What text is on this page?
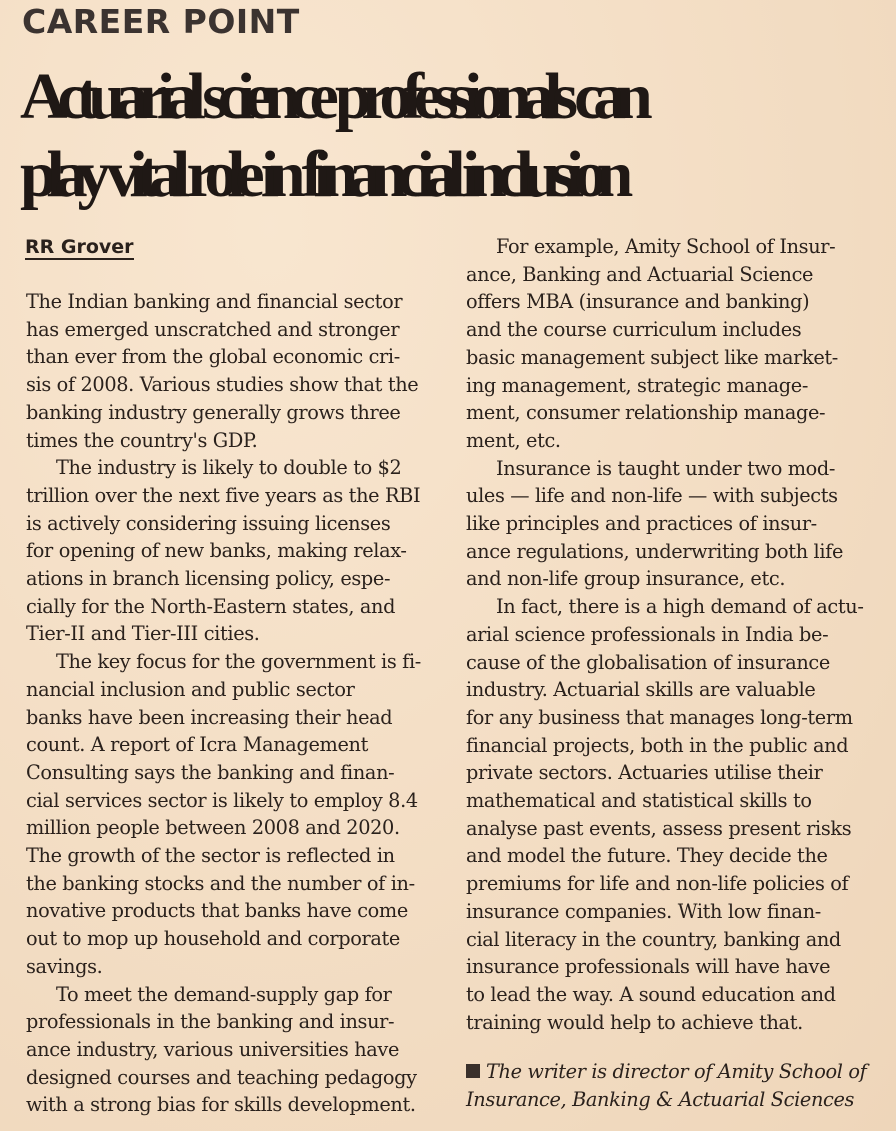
CAREER POINT
Actuarial science professionals can
play vital role in financial inclusion
RR Grover

The Indian banking and financial sector

has emerged unscratched and stronger

than ever from the global economic cri-

sis of 2008. Various studies show that the

banking industry generally grows three

times the country's GDP.

The industry is likely to double to $2

trillion over the next five years as the RBI

is actively considering issuing licenses

for opening of new banks, making relax-

ations in branch licensing policy, espe-

cially for the North-Eastern states, and

Tier-II and Tier-III cities.

The key focus for the government is fi-

nancial inclusion and public sector

banks have been increasing their head

count. A report of Icra Management

Consulting says the banking and finan-

cial services sector is likely to employ 8.4

million people between 2008 and 2020.

The growth of the sector is reflected in

the banking stocks and the number of in-

novative products that banks have come

out to mop up household and corporate

savings.

To meet the demand-supply gap for

professionals in the banking and insur-

ance industry, various universities have

designed courses and teaching pedagogy

with a strong bias for skills development.

For example, Amity School of Insur-

ance, Banking and Actuarial Science

offers MBA (insurance and banking)

and the course curriculum includes

basic management subject like market-

ing management, strategic manage-

ment, consumer relationship manage-

ment, etc.

Insurance is taught under two mod-

ules — life and non-life — with subjects

like principles and practices of insur-

ance regulations, underwriting both life

and non-life group insurance, etc.

In fact, there is a high demand of actu-

arial science professionals in India be-

cause of the globalisation of insurance

industry. Actuarial skills are valuable

for any business that manages long-term

financial projects, both in the public and

private sectors. Actuaries utilise their

mathematical and statistical skills to

analyse past events, assess present risks

and model the future. They decide the

premiums for life and non-life policies of

insurance companies. With low finan-

cial literacy in the country, banking and

insurance professionals will have have

to lead the way. A sound education and

training would help to achieve that.

The writer is director of Amity School of

Insurance, Banking & Actuarial Sciences
